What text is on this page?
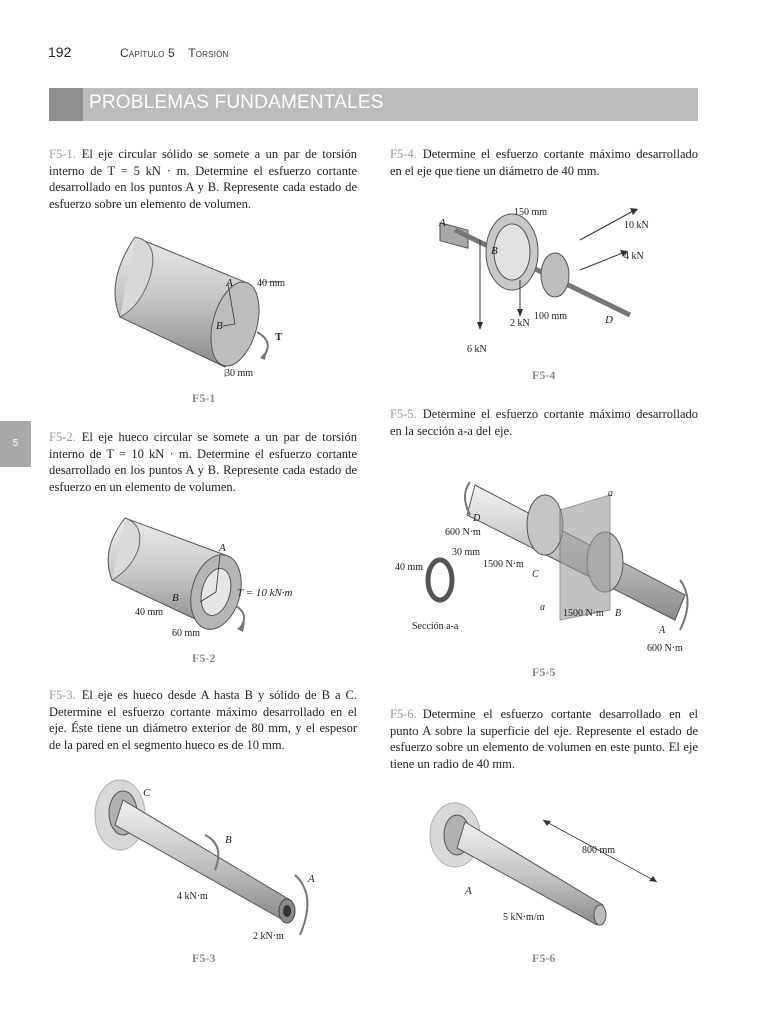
192	Capítulo 5 Torsión
PROBLEMAS FUNDAMENTALES
5
F5-1. El eje circular sólido se somete a un par de torsión interno de T = 5 kN · m. Determine el esfuerzo cortante desarrollado en los puntos A y B. Represente cada estado de esfuerzo sobre un elemento de volumen.
A
B
40 mm
30 mm
T
F5-1
F5-2. El eje hueco circular se somete a un par de torsión interno de T = 10 kN · m. Determine el esfuerzo cortante desarrollado en los puntos A y B. Represente cada estado de esfuerzo en un elemento de volumen.
A
B
40 mm
60 mm
T = 10 kN·m
F5-2
F5-3. El eje es hueco desde A hasta B y sólido de B a C. Determine el esfuerzo cortante máximo desarrollado en el eje. Éste tiene un diámetro exterior de 80 mm, y el espesor de la pared en el segmento hueco es de 10 mm.
C
B
A
4 kN·m
2 kN·m
F5-3
F5-4. Determine el esfuerzo cortante máximo desarrollado en el eje que tiene un diámetro de 40 mm.
A
B
D
150 mm
100 mm
10 kN
4 kN
2 kN
6 kN
F5-4
F5-5. Determine el esfuerzo cortante máximo desarrollado en la sección a-a del eje.
a
D
600 N·m
30 mm
40 mm	1500 N·m
C
a
1500 N·m B
A
Sección a-a
600 N·m
F5-5
F5-6. Determine el esfuerzo cortante desarrollado en el punto A sobre la superficie del eje. Represente el estado de esfuerzo sobre un elemento de volumen en este punto. El eje tiene un radio de 40 mm.
800 mm
A
5 kN·m/m
F5-6
